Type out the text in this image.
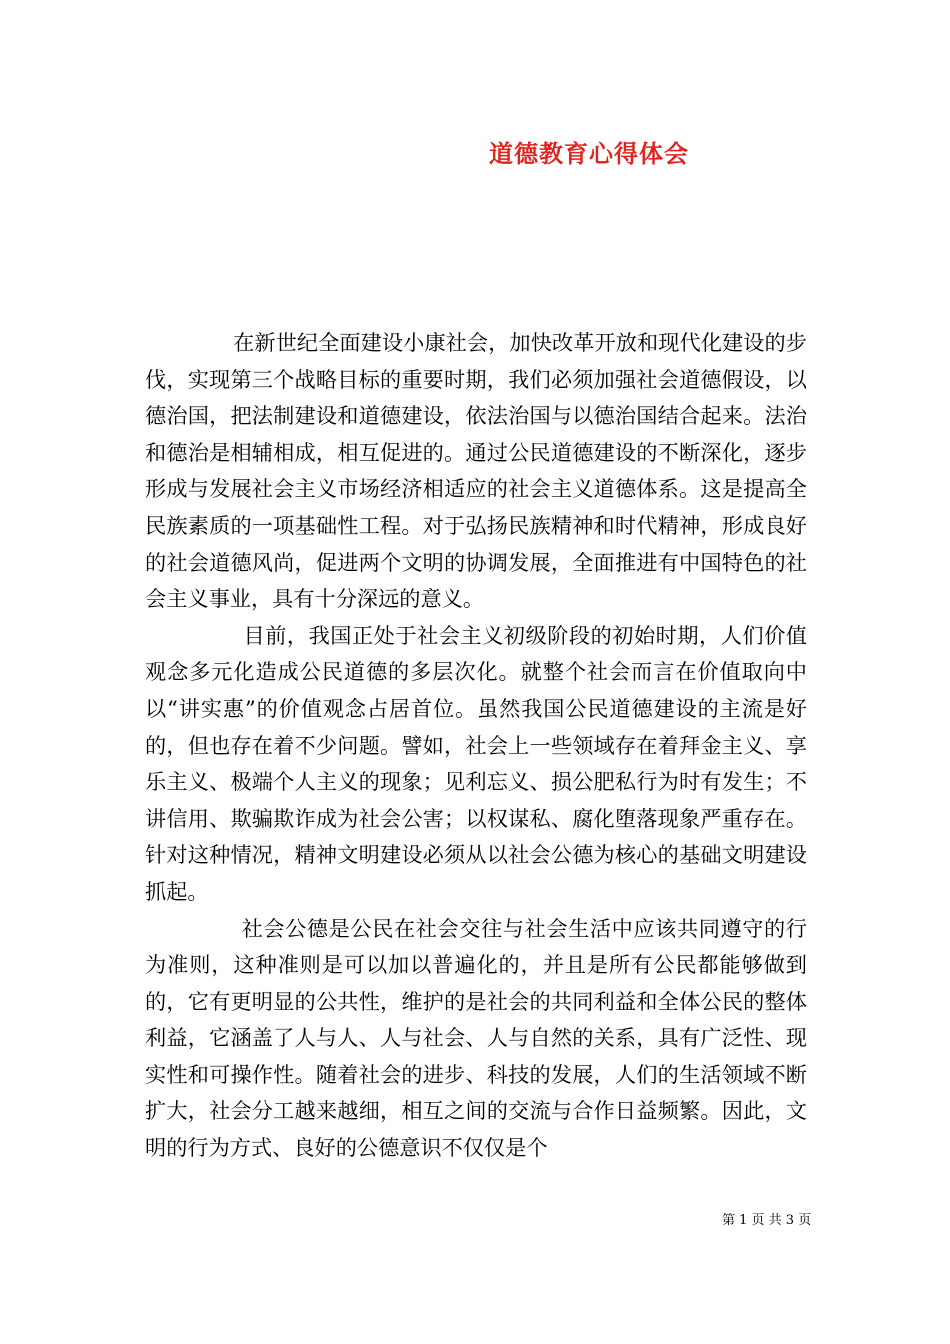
道德教育心得体会

在新世纪全面建设小康社会，加快改革开放和现代化建设的步伐，实现第三个战略目标的重要时期，我们必须加强社会道德假设，以德治国，把法制建设和道德建设，依法治国与以德治国结合起来。法治和德治是相辅相成，相互促进的。通过公民道德建设的不断深化，逐步形成与发展社会主义市场经济相适应的社会主义道德体系。这是提高全民族素质的一项基础性工程。对于弘扬民族精神和时代精神，形成良好的社会道德风尚，促进两个文明的协调发展，全面推进有中国特色的社会主义事业，具有十分深远的意义。

目前，我国正处于社会主义初级阶段的初始时期，人们价值观念多元化造成公民道德的多层次化。就整个社会而言在价值取向中以“讲实惠”的价值观念占居首位。虽然我国公民道德建设的主流是好的，但也存在着不少问题。譬如，社会上一些领域存在着拜金主义、享乐主义、极端个人主义的现象；见利忘义、损公肥私行为时有发生；不讲信用、欺骗欺诈成为社会公害；以权谋私、腐化堕落现象严重存在。针对这种情况，精神文明建设必须从以社会公德为核心的基础文明建设抓起。

社会公德是公民在社会交往与社会生活中应该共同遵守的行为准则，这种准则是可以加以普遍化的，并且是所有公民都能够做到的，它有更明显的公共性，维护的是社会的共同利益和全体公民的整体利益，它涵盖了人与人、人与社会、人与自然的关系，具有广泛性、现实性和可操作性。随着社会的进步、科技的发展，人们的生活领域不断扩大，社会分工越来越细，相互之间的交流与合作日益频繁。因此，文明的行为方式、良好的公德意识不仅仅是个

第 1 页 共 3 页
